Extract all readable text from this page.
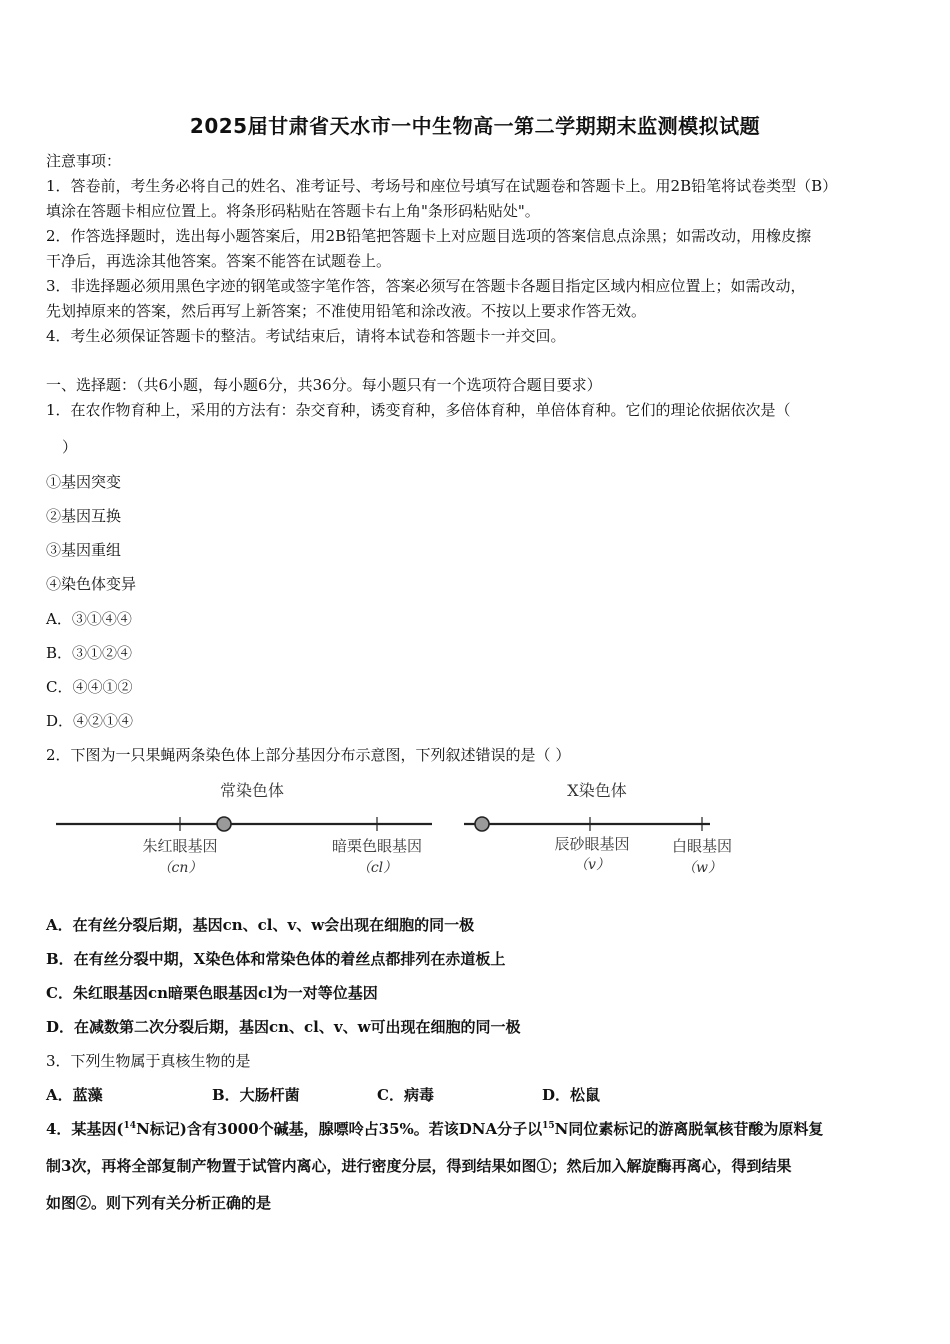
2025届甘肃省天水市一中生物高一第二学期期末监测模拟试题
注意事项：
1．答卷前，考生务必将自己的姓名、准考证号、考场号和座位号填写在试题卷和答题卡上。用2B铅笔将试卷类型（B）
填涂在答题卡相应位置上。将条形码粘贴在答题卡右上角"条形码粘贴处"。
2．作答选择题时，选出每小题答案后，用2B铅笔把答题卡上对应题目选项的答案信息点涂黑；如需改动，用橡皮擦
干净后，再选涂其他答案。答案不能答在试题卷上。
3．非选择题必须用黑色字迹的钢笔或签字笔作答，答案必须写在答题卡各题目指定区域内相应位置上；如需改动，
先划掉原来的答案，然后再写上新答案；不准使用铅笔和涂改液。不按以上要求作答无效。
4．考生必须保证答题卡的整洁。考试结束后，请将本试卷和答题卡一并交回。
一、选择题：（共6小题，每小题6分，共36分。每小题只有一个选项符合题目要求）
1．在农作物育种上，采用的方法有：杂交育种，诱变育种，多倍体育种，单倍体育种。它们的理论依据依次是（
）
①基因突变
②基因互换
③基因重组
④染色体变异
A．③①④④
B．③①②④
C．④④①②
D．④②①④
2．下图为一只果蝇两条染色体上部分基因分布示意图，下列叙述错误的是（ ）
常染色体
朱红眼基因
（cn）
暗栗色眼基因
（cl）
X染色体
辰砂眼基因
（v）
白眼基因
（w）
A．在有丝分裂后期，基因cn、cl、v、w会出现在细胞的同一极
B．在有丝分裂中期，X染色体和常染色体的着丝点都排列在赤道板上
C．朱红眼基因cn暗栗色眼基因cl为一对等位基因
D．在减数第二次分裂后期，基因cn、cl、v、w可出现在细胞的同一极
3．下列生物属于真核生物的是
A．蓝藻	B．大肠杆菌	C．病毒	D．松鼠
4．某基因($^{14}$N标记)含有3000个碱基，腺嘌呤占35%。若该DNA分子以$^{15}$N同位素标记的游离脱氧核苷酸为原料复
制3次，再将全部复制产物置于试管内离心，进行密度分层，得到结果如图①；然后加入解旋酶再离心，得到结果
如图②。则下列有关分析正确的是
